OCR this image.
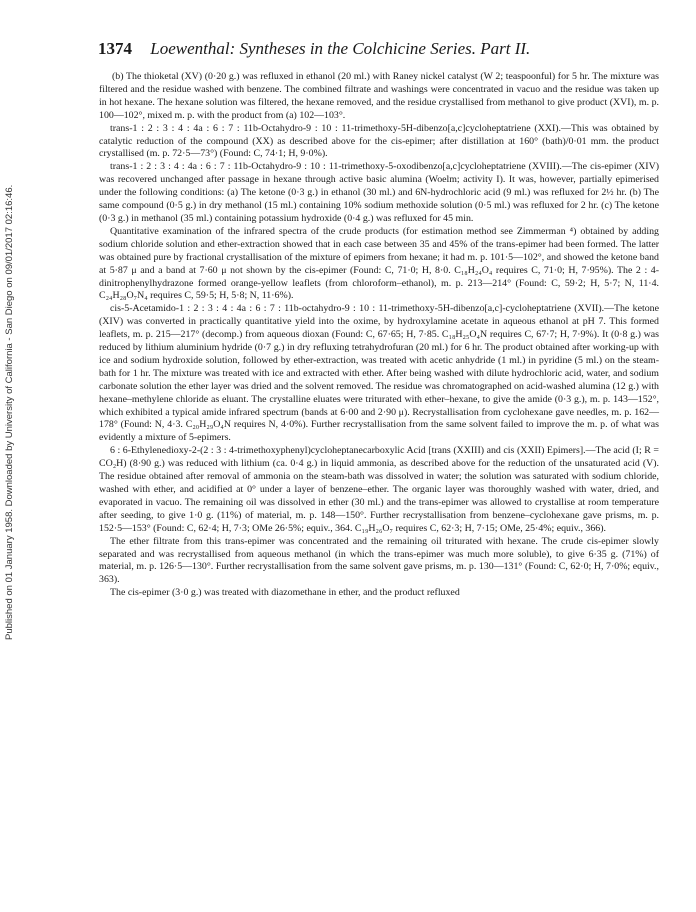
Published on 01 January 1958. Downloaded by University of California - San Diego on 09/01/2017 02:16:46.
1374 Loewenthal: Syntheses in the Colchicine Series. Part II.

(b) The thioketal (XV) (0·20 g.) was refluxed in ethanol (20 ml.) with Raney nickel catalyst (W 2; teaspoonful) for 5 hr. The mixture was filtered and the residue washed with benzene. The combined filtrate and washings were concentrated in vacuo and the residue was taken up in hot hexane. The hexane solution was filtered, the hexane removed, and the residue crystallised from methanol to give product (XVI), m. p. 100—102°, mixed m. p. with the product from (a) 102—103°.

trans-1 : 2 : 3 : 4 : 4a : 6 : 7 : 11b-Octahydro-9 : 10 : 11-trimethoxy-5H-dibenzo[a,c]cycloheptatriene (XXI).—This was obtained by catalytic reduction of the compound (XX) as described above for the cis-epimer; after distillation at 160° (bath)/0·01 mm. the product crystallised (m. p. 72·5—73°) (Found: C, 74·1; H, 9·0%).

trans-1 : 2 : 3 : 4 : 4a : 6 : 7 : 11b-Octahydro-9 : 10 : 11-trimethoxy-5-oxodibenzo[a,c]cycloheptatriene (XVIII).—The cis-epimer (XIV) was recovered unchanged after passage in hexane through active basic alumina (Woelm; activity I). It was, however, partially epimerised under the following conditions: (a) The ketone (0·3 g.) in ethanol (30 ml.) and 6N-hydrochloric acid (9 ml.) was refluxed for 2½ hr. (b) The same compound (0·5 g.) in dry methanol (15 ml.) containing 10% sodium methoxide solution (0·5 ml.) was refluxed for 2 hr. (c) The ketone (0·3 g.) in methanol (35 ml.) containing potassium hydroxide (0·4 g.) was refluxed for 45 min.

Quantitative examination of the infrared spectra of the crude products (for estimation method see Zimmerman ⁴) obtained by adding sodium chloride solution and ether-extraction showed that in each case between 35 and 45% of the trans-epimer had been formed. The latter was obtained pure by fractional crystallisation of the mixture of epimers from hexane; it had m. p. 101·5—102°, and showed the ketone band at 5·87 μ and a band at 7·60 μ not shown by the cis-epimer (Found: C, 71·0; H, 8·0. C₁₈H₂₄O₄ requires C, 71·0; H, 7·95%). The 2 : 4-dinitrophenylhydrazone formed orange-yellow leaflets (from chloroform–ethanol), m. p. 213—214° (Found: C, 59·2; H, 5·7; N, 11·4. C₂₄H₂₈O₇N₄ requires C, 59·5; H, 5·8; N, 11·6%).

cis-5-Acetamido-1 : 2 : 3 : 4 : 4a : 6 : 7 : 11b-octahydro-9 : 10 : 11-trimethoxy-5H-dibenzo[a,c]-cycloheptatriene (XVII).—The ketone (XIV) was converted in practically quantitative yield into the oxime, by hydroxylamine acetate in aqueous ethanol at pH 7. This formed leaflets, m. p. 215—217° (decomp.) from aqueous dioxan (Found: C, 67·65; H, 7·85. C₁₈H₂₅O₄N requires C, 67·7; H, 7·9%). It (0·8 g.) was reduced by lithium aluminium hydride (0·7 g.) in dry refluxing tetrahydrofuran (20 ml.) for 6 hr. The product obtained after working-up with ice and sodium hydroxide solution, followed by ether-extraction, was treated with acetic anhydride (1 ml.) in pyridine (5 ml.) on the steam-bath for 1 hr. The mixture was treated with ice and extracted with ether. After being washed with dilute hydrochloric acid, water, and sodium carbonate solution the ether layer was dried and the solvent removed. The residue was chromatographed on acid-washed alumina (12 g.) with hexane–methylene chloride as eluant. The crystalline eluates were triturated with ether–hexane, to give the amide (0·3 g.), m. p. 143—152°, which exhibited a typical amide infrared spectrum (bands at 6·00 and 2·90 μ). Recrystallisation from cyclohexane gave needles, m. p. 162—178° (Found: N, 4·3. C₂₀H₂₉O₄N requires N, 4·0%). Further recrystallisation from the same solvent failed to improve the m. p. of what was evidently a mixture of 5-epimers.

6 : 6-Ethylenedioxy-2-(2 : 3 : 4-trimethoxyphenyl)cycloheptanecarboxylic Acid [trans (XXIII) and cis (XXII) Epimers].—The acid (I; R = CO₂H) (8·90 g.) was reduced with lithium (ca. 0·4 g.) in liquid ammonia, as described above for the reduction of the unsaturated acid (V). The residue obtained after removal of ammonia on the steam-bath was dissolved in water; the solution was saturated with sodium chloride, washed with ether, and acidified at 0° under a layer of benzene–ether. The organic layer was thoroughly washed with water, dried, and evaporated in vacuo. The remaining oil was dissolved in ether (30 ml.) and the trans-epimer was allowed to crystallise at room temperature after seeding, to give 1·0 g. (11%) of material, m. p. 148—150°. Further recrystallisation from benzene–cyclohexane gave prisms, m. p. 152·5—153° (Found: C, 62·4; H, 7·3; OMe 26·5%; equiv., 364. C₁₉H₂₆O₇ requires C, 62·3; H, 7·15; OMe, 25·4%; equiv., 366).

The ether filtrate from this trans-epimer was concentrated and the remaining oil triturated with hexane. The crude cis-epimer slowly separated and was recrystallised from aqueous methanol (in which the trans-epimer was much more soluble), to give 6·35 g. (71%) of material, m. p. 126·5—130°. Further recrystallisation from the same solvent gave prisms, m. p. 130—131° (Found: C, 62·0; H, 7·0%; equiv., 363).

The cis-epimer (3·0 g.) was treated with diazomethane in ether, and the product refluxed
